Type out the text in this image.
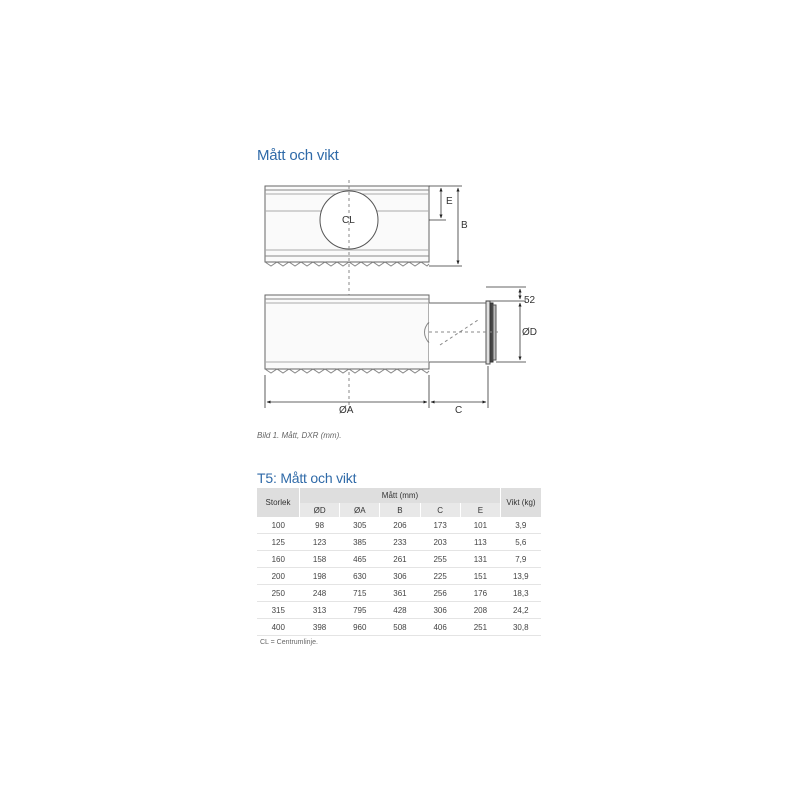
Mått och vikt
CL
E
B
52
ØD
ØA	C
Bild 1. Mått, DXR (mm).
T5: Mått och vikt
Storlek	Mått (mm)					Vikt (kg)
	ØD	ØA	B	C	E	
100	98	305	206	173	101	3,9
125	123	385	233	203	113	5,6
160	158	465	261	255	131	7,9
200	198	630	306	225	151	13,9
250	248	715	361	256	176	18,3
315	313	795	428	306	208	24,2
400	398	960	508	406	251	30,8
CL = Centrumlinje.
